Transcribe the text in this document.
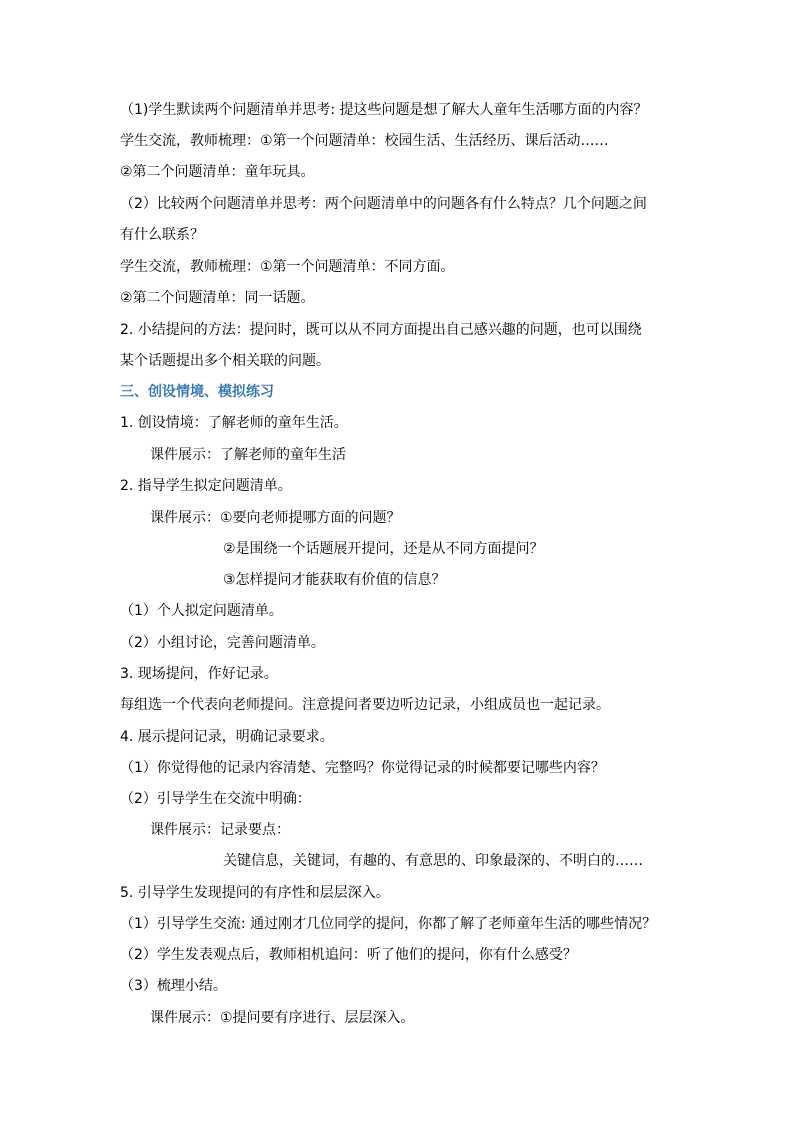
（1)学生默读两个问题清单并思考: 提这些问题是想了解大人童年生活哪方面的内容？
学生交流，教师梳理：①第一个问题清单：校园生活、生活经历、课后活动……
②第二个问题清单：童年玩具。
（2）比较两个问题清单并思考：两个问题清单中的问题各有什么特点？几个问题之间
有什么联系？
学生交流，教师梳理：①第一个问题清单：不同方面。
②第二个问题清单：同一话题。
2. 小结提问的方法：提问时，既可以从不同方面提出自己感兴趣的问题，也可以围绕
某个话题提出多个相关联的问题。
三、创设情境、模拟练习
1. 创设情境：了解老师的童年生活。
课件展示：了解老师的童年生活
2. 指导学生拟定问题清单。
课件展示：①要向老师提哪方面的问题？
②是围绕一个话题展开提问，还是从不同方面提问？
③怎样提问才能获取有价值的信息？
（1）个人拟定问题清单。
（2）小组讨论，完善问题清单。
3. 现场提问，作好记录。
每组选一个代表向老师提问。注意提问者要边听边记录，小组成员也一起记录。
4. 展示提问记录，明确记录要求。
（1）你觉得他的记录内容清楚、完整吗？你觉得记录的时候都要记哪些内容？
（2）引导学生在交流中明确：
课件展示：记录要点：
关键信息，关键词，有趣的、有意思的、印象最深的、不明白的……
5. 引导学生发现提问的有序性和层层深入。
（1）引导学生交流: 通过刚才几位同学的提问，你都了解了老师童年生活的哪些情况？
（2）学生发表观点后，教师相机追问：听了他们的提问，你有什么感受？
（3）梳理小结。
课件展示：①提问要有序进行、层层深入。
